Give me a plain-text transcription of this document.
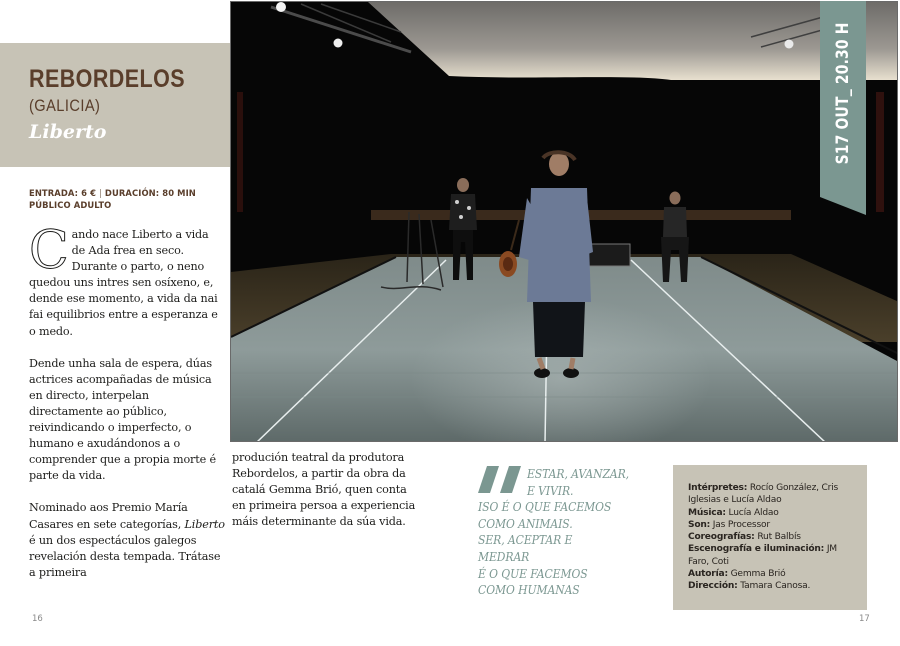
REBORDELOS
(GALICIA)
Liberto
ENTRADA: 6 € | DURACIÓN: 80 MIN
PÚBLICO ADULTO

Cando nace Liberto a vida de Ada frea en seco. Durante o parto, o neno quedou uns intres sen osíxeno, e, dende ese momento, a vida da nai fai equilibrios entre a esperanza e o medo.

Dende unha sala de espera, dúas actrices acompañadas de música en directo, interpelan directamente ao público, reivindicando o imperfecto, o humano e axudándonos a o comprender que a propia morte é parte da vida.

Nominado aos Premio María Casares en sete categorías, Liberto é un dos espectáculos galegos revelación desta tempada. Trátase a primeira

produción teatral da produtora Rebordelos, a partir da obra da catalá Gemma Brió, quen conta en primeira persoa a experiencia máis determinante da súa vida.
S17 OUT_ 20.30 H
ESTAR, AVANZAR,
E VIVIR.
ISO É O QUE FACEMOS
COMO ANIMAIS.
SER, ACEPTAR E
MEDRAR
É O QUE FACEMOS
COMO HUMANAS
Intérpretes: Rocío González, Cris Iglesias e Lucía Aldao
Música: Lucía Aldao
Son: Jas Processor
Coreografías: Rut Balbís
Escenografía e iluminación: JM Faro, Coti
Autoría: Gemma Brió
Dirección: Tamara Canosa.
16	17
